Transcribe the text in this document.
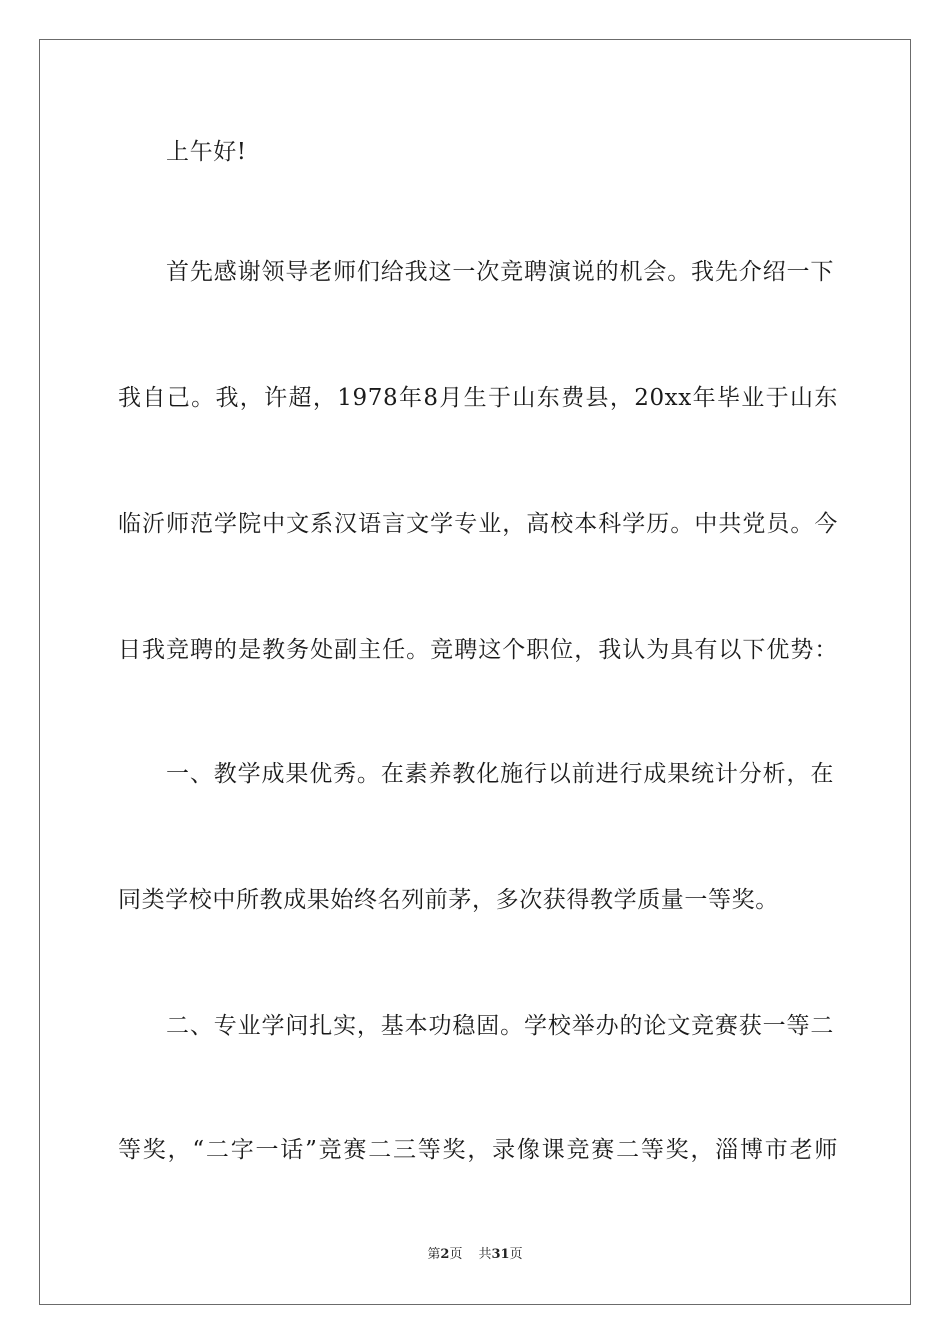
上午好!
首先感谢领导老师们给我这一次竞聘演说的机会。我先介绍一下
我自己。我，许超，1978年8月生于山东费县，20xx年毕业于山东
临沂师范学院中文系汉语言文学专业，高校本科学历。中共党员。今
日我竞聘的是教务处副主任。竞聘这个职位，我认为具有以下优势：
一、教学成果优秀。在素养教化施行以前进行成果统计分析，在
同类学校中所教成果始终名列前茅，多次获得教学质量一等奖。
二、专业学问扎实，基本功稳固。学校举办的论文竞赛获一等二
等奖，“二字一话”竞赛二三等奖，录像课竞赛二等奖，淄博市老师
第2页 共31页
